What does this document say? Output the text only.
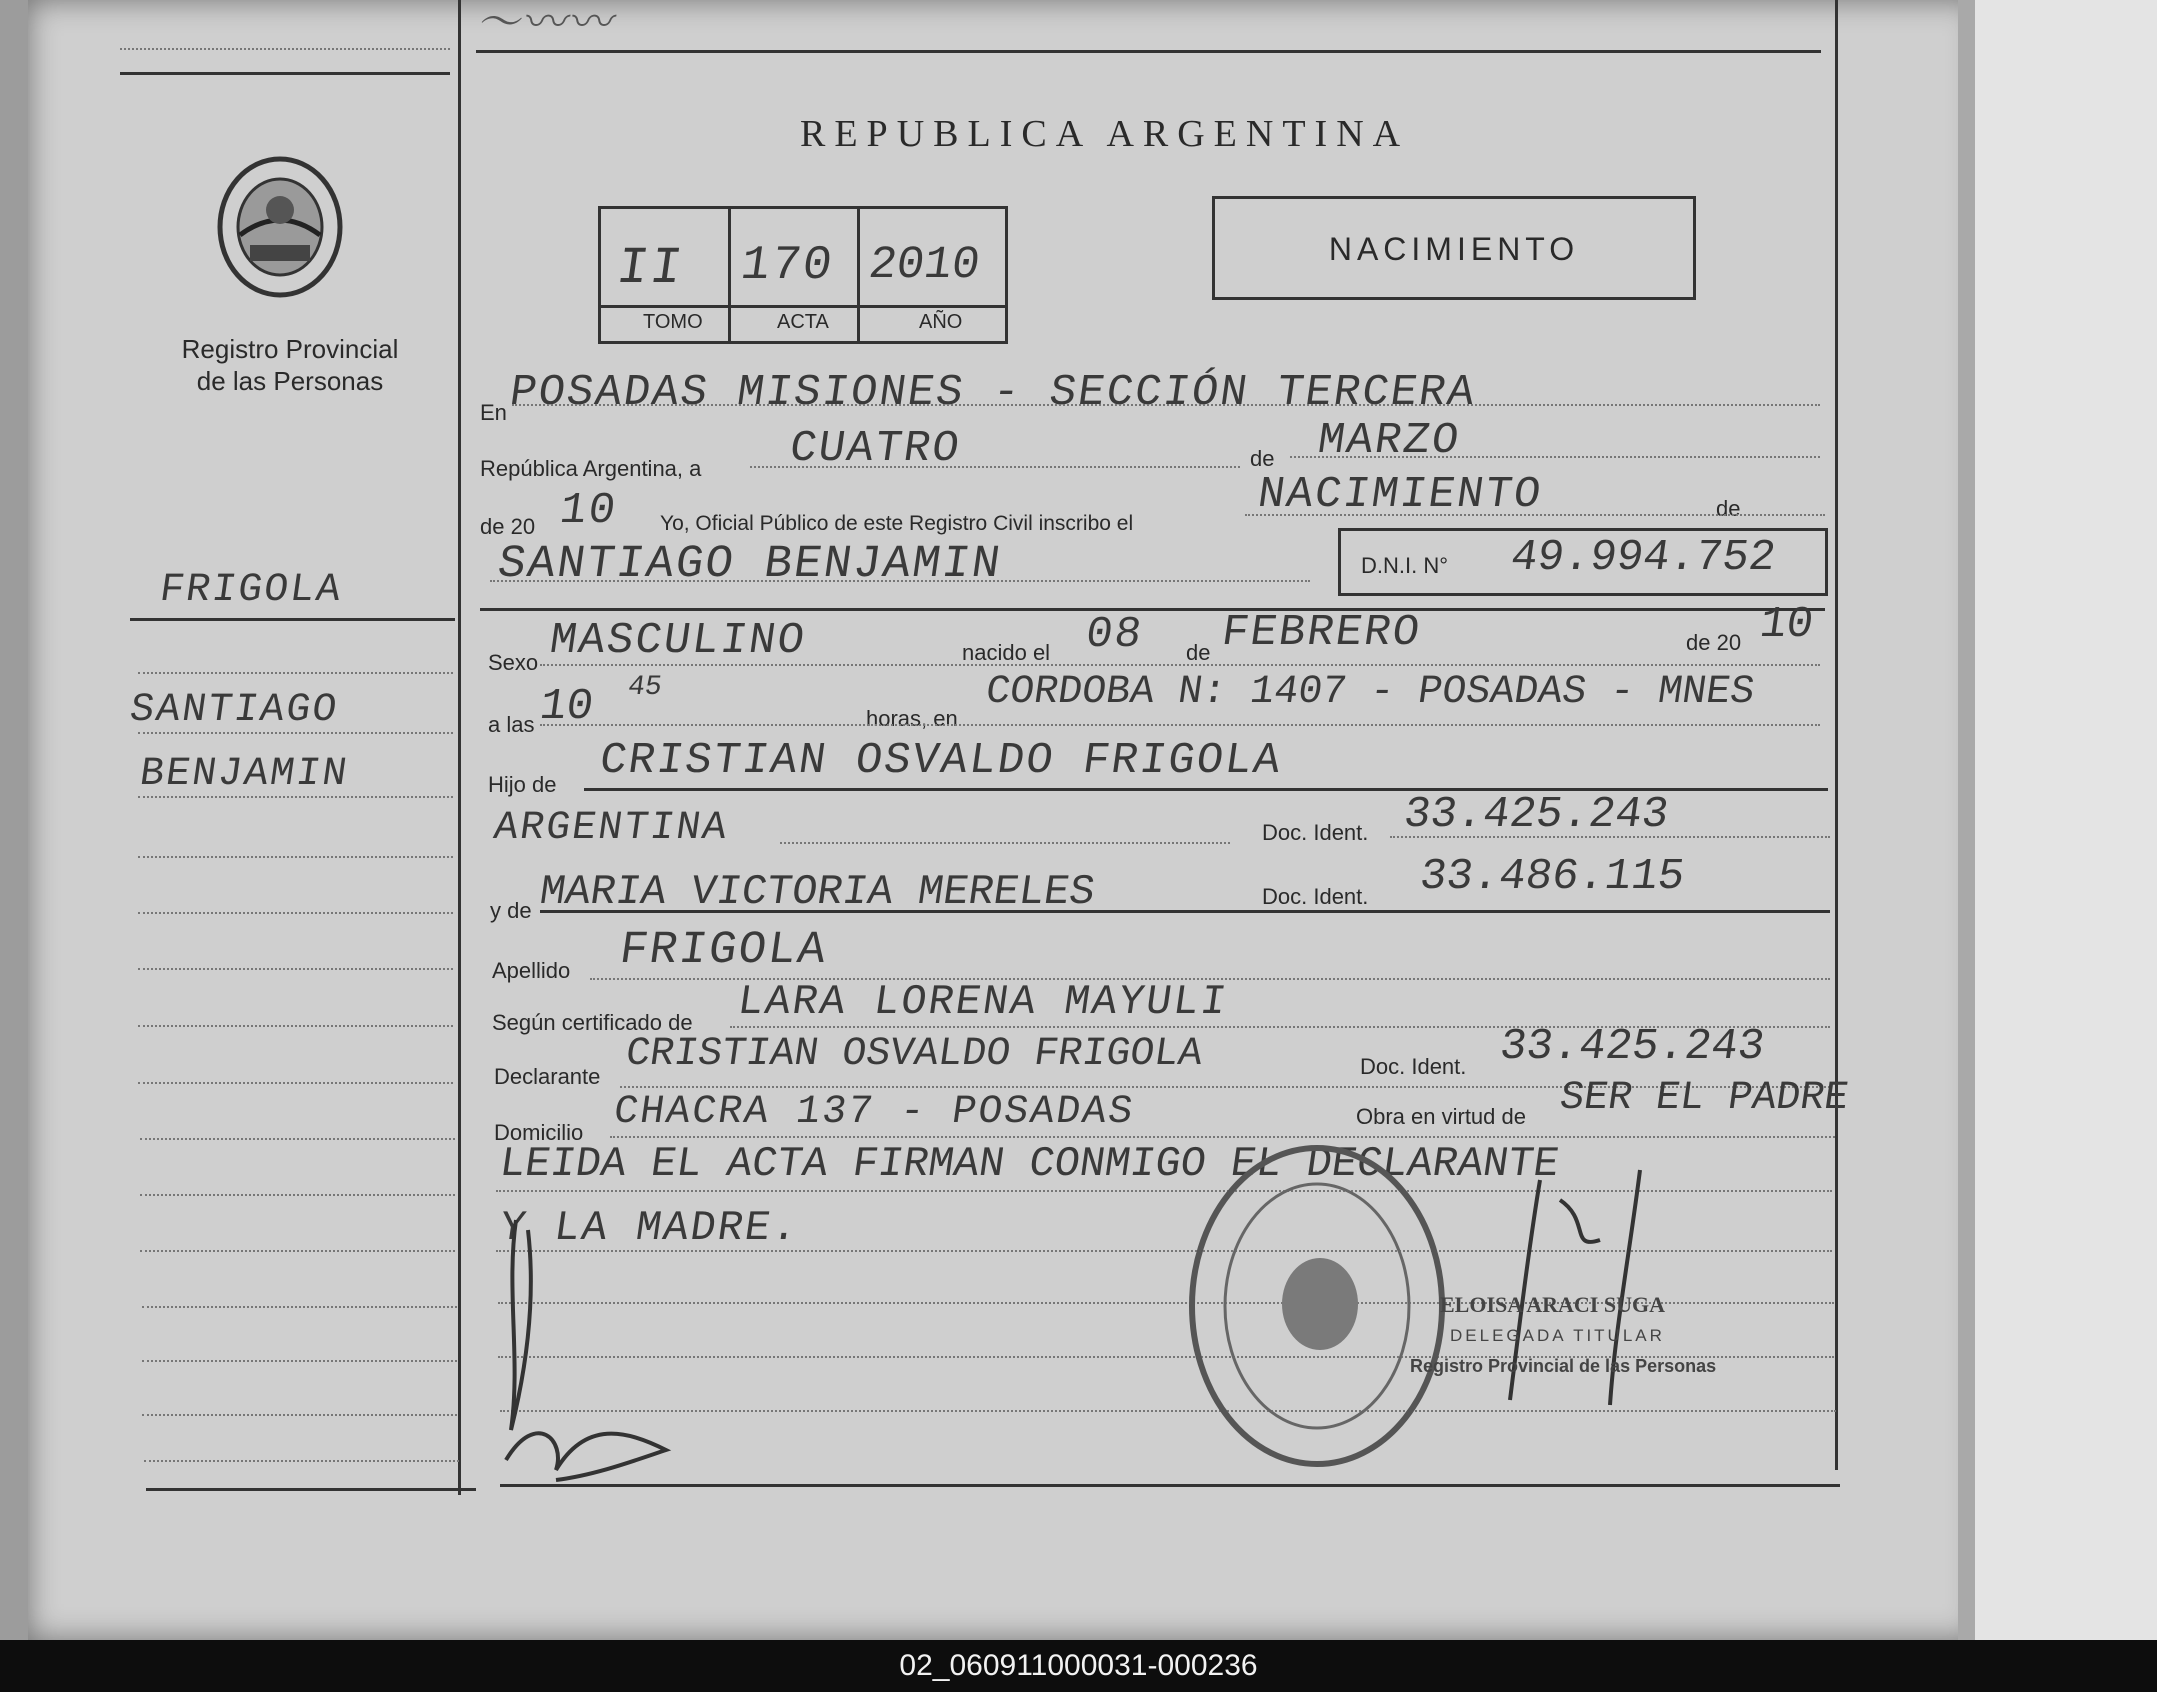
〜〰〰
Registro Provincial
de las Personas
FRIGOLA
SANTIAGO
BENJAMIN
REPUBLICA ARGENTINA
II 170 2010
TOMO	ACTA	AÑO
NACIMIENTO
En POSADAS MISIONES - SECCIÓN TERCERA
República Argentina, a CUATRO	de MARZO
de 20 10 Yo, Oficial Público de este Registro Civil inscribo el
NACIMIENTO	de
SANTIAGO BENJAMIN	D.N.I. N° 49.994.752
Sexo MASCULINO	nacido el 08 de FEBRERO	de 20 10
a las 10 45
horas, en
CORDOBA N: 1407 - POSADAS - MNES
Hijo de CRISTIAN OSVALDO FRIGOLA
ARGENTINA	Doc. Ident. 33.425.243
y de MARIA VICTORIA MERELES	Doc. Ident. 33.486.115
Apellido FRIGOLA
Según certificado de LARA LORENA MAYULI
Declarante CRISTIAN OSVALDO FRIGOLA	Doc. Ident. 33.425.243
Domicilio CHACRA 137 - POSADAS	Obra en virtud de SER EL PADRE
LEIDA EL ACTA FIRMAN CONMIGO EL DECLARANTE
Y LA MADRE.
ELOISA ARACI SUGA
DELEGADA TITULAR
Registro Provincial de las Personas
02_060911000031-000236
